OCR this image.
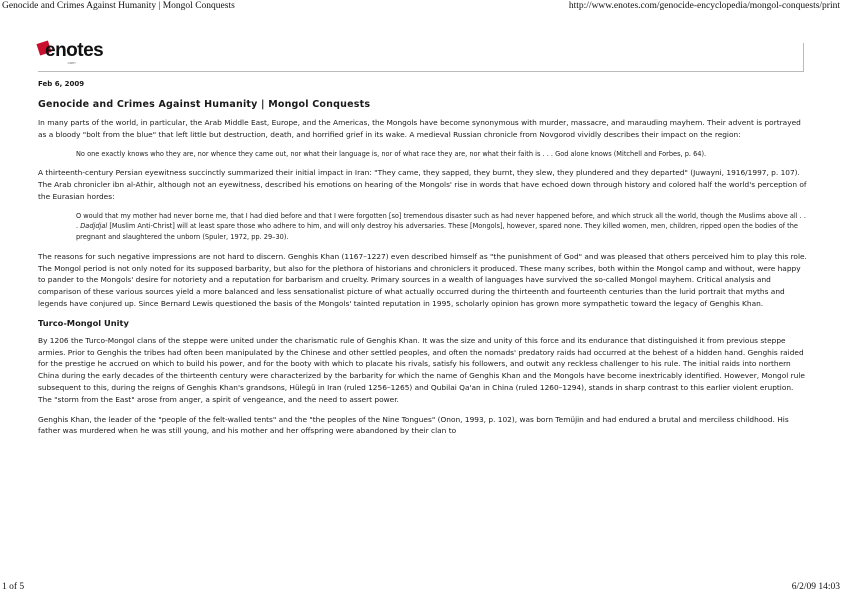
Genocide and Crimes Against Humanity | Mongol Conquests	http://www.enotes.com/genocide-encyclopedia/mongol-conquests/print
enotes
.com
Feb 6, 2009
Genocide and Crimes Against Humanity | Mongol Conquests

In many parts of the world, in particular, the Arab Middle East, Europe, and the Americas, the Mongols have become synonymous with murder, massacre, and marauding mayhem. Their advent is portrayed as a bloody "bolt from the blue" that left little but destruction, death, and horrified grief in its wake. A medieval Russian chronicle from Novgorod vividly describes their impact on the region:

No one exactly knows who they are, nor whence they came out, nor what their language is, nor of what race they are, nor what their faith is . . . God alone knows (Mitchell and Forbes, p. 64).

A thirteenth-century Persian eyewitness succinctly summarized their initial impact in Iran: "They came, they sapped, they burnt, they slew, they plundered and they departed" (Juwayni, 1916/1997, p. 107). The Arab chronicler ibn al-Athir, although not an eyewitness, described his emotions on hearing of the Mongols' rise in words that have echoed down through history and colored half the world's perception of the Eurasian hordes:

O would that my mother had never borne me, that I had died before and that I were forgotten [so] tremendous disaster such as had never happened before, and which struck all the world, though the Muslims above all . . . Dadjdjal [Muslim Anti-Christ] will at least spare those who adhere to him, and will only destroy his adversaries. These [Mongols], however, spared none. They killed women, men, children, ripped open the bodies of the pregnant and slaughtered the unborn (Spuler, 1972, pp. 29–30).

The reasons for such negative impressions are not hard to discern. Genghis Khan (1167–1227) even described himself as "the punishment of God" and was pleased that others perceived him to play this role. The Mongol period is not only noted for its supposed barbarity, but also for the plethora of historians and chroniclers it produced. These many scribes, both within the Mongol camp and without, were happy to pander to the Mongols' desire for notoriety and a reputation for barbarism and cruelty. Primary sources in a wealth of languages have survived the so-called Mongol mayhem. Critical analysis and comparison of these various sources yield a more balanced and less sensationalist picture of what actually occurred during the thirteenth and fourteenth centuries than the lurid portrait that myths and legends have conjured up. Since Bernard Lewis questioned the basis of the Mongols' tainted reputation in 1995, scholarly opinion has grown more sympathetic toward the legacy of Genghis Khan.

Turco-Mongol Unity

By 1206 the Turco-Mongol clans of the steppe were united under the charismatic rule of Genghis Khan. It was the size and unity of this force and its endurance that distinguished it from previous steppe armies. Prior to Genghis the tribes had often been manipulated by the Chinese and other settled peoples, and often the nomads' predatory raids had occurred at the behest of a hidden hand. Genghis raided for the prestige he accrued on which to build his power, and for the booty with which to placate his rivals, satisfy his followers, and outwit any reckless challenger to his rule. The initial raids into northern China during the early decades of the thirteenth century were characterized by the barbarity for which the name of Genghis Khan and the Mongols have become inextricably identified. However, Mongol rule subsequent to this, during the reigns of Genghis Khan's grandsons, Hülegü in Iran (ruled 1256–1265) and Qubilai Qa'an in China (ruled 1260–1294), stands in sharp contrast to this earlier violent eruption. The "storm from the East" arose from anger, a spirit of vengeance, and the need to assert power.

Genghis Khan, the leader of the "people of the felt-walled tents" and the "the peoples of the Nine Tongues" (Onon, 1993, p. 102), was born Temüjin and had endured a brutal and merciless childhood. His father was murdered when he was still young, and his mother and her offspring were abandoned by their clan to

1 of 5	6/2/09 14:03
